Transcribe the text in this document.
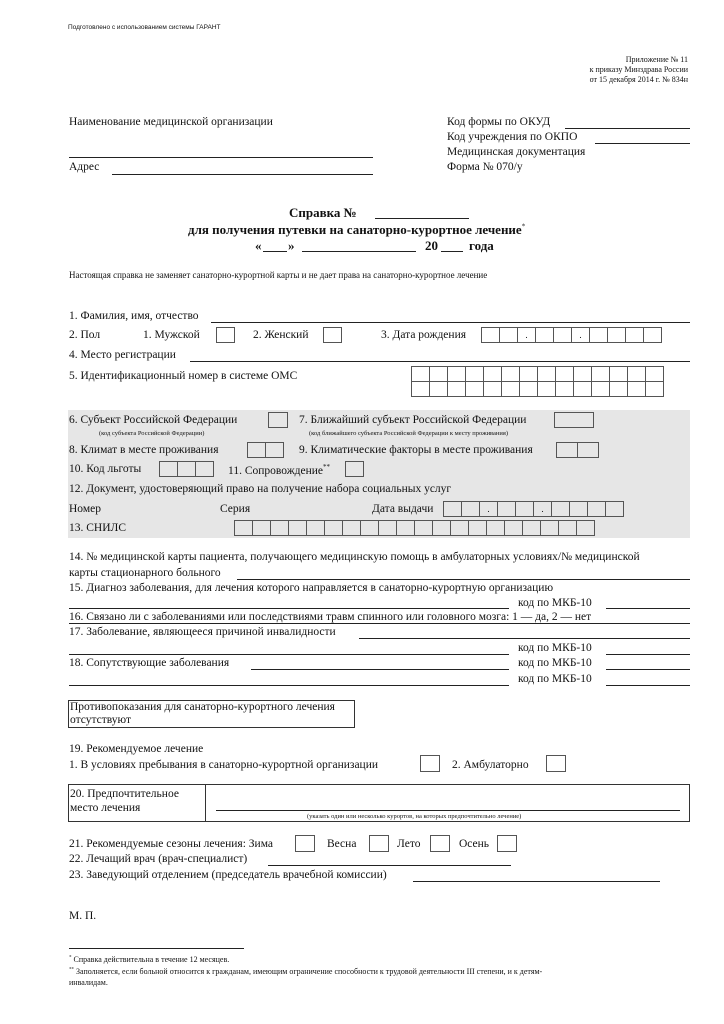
Подготовлено с использованием системы ГАРАНТ
Приложение № 11
к приказу Минздрава России
от 15 декабря 2014 г. № 834н
Наименование медицинской организации
Адрес
Код формы по ОКУД
Код учреждения по ОКПО
Медицинская документация
Форма № 070/у
Справка №
для получения путевки на санаторно-курортное лечение*
« »	20 года
Настоящая справка не заменяет санаторно-курортной карты и не дает права на санаторно-курортное лечение
1. Фамилия, имя, отчество
2. Пол	1. Мужской	2. Женский	3. Дата рождения	.	.
4. Место регистрации
5. Идентификационный номер в системе ОМС
6. Субъект Российской Федерации
(код субъекта Российской Федерации)
7. Ближайший субъект Российской Федерации
(код ближайшего субъекта Российской Федерации к месту проживания)
8. Климат в месте проживания	9. Климатические факторы в месте проживания
10. Код льготы	11. Сопровождение**
12. Документ, удостоверяющий право на получение набора социальных услуг
Номер	Серия	Дата выдачи	.	.
13. СНИЛС
14. № медицинской карты пациента, получающего медицинскую помощь в амбулаторных условиях/№ медицинской
карты стационарного больного
15. Диагноз заболевания, для лечения которого направляется в санаторно-курортную организацию
код по МКБ-10
16. Связано ли с заболеваниями или последствиями травм спинного или головного мозга: 1 — да, 2 — нет
17. Заболевание, являющееся причиной инвалидности
код по МКБ-10
18. Сопутствующие заболевания	код по МКБ-10
код по МКБ-10
Противопоказания для санаторно-курортного лечения
отсутствуют
19. Рекомендуемое лечение
1. В условиях пребывания в санаторно-курортной организации	2. Амбулаторно
20. Предпочтительное
место лечения
(указать один или несколько курортов, на которых предпочтительно лечение)
21. Рекомендуемые сезоны лечения: Зима	Весна	Лето	Осень
22. Лечащий врач (врач-специалист)
23. Заведующий отделением (председатель врачебной комиссии)
М. П.
* Справка действительна в течение 12 месяцев.
** Заполняется, если больной относится к гражданам, имеющим ограничение способности к трудовой деятельности III степени, и к детям-
инвалидам.
